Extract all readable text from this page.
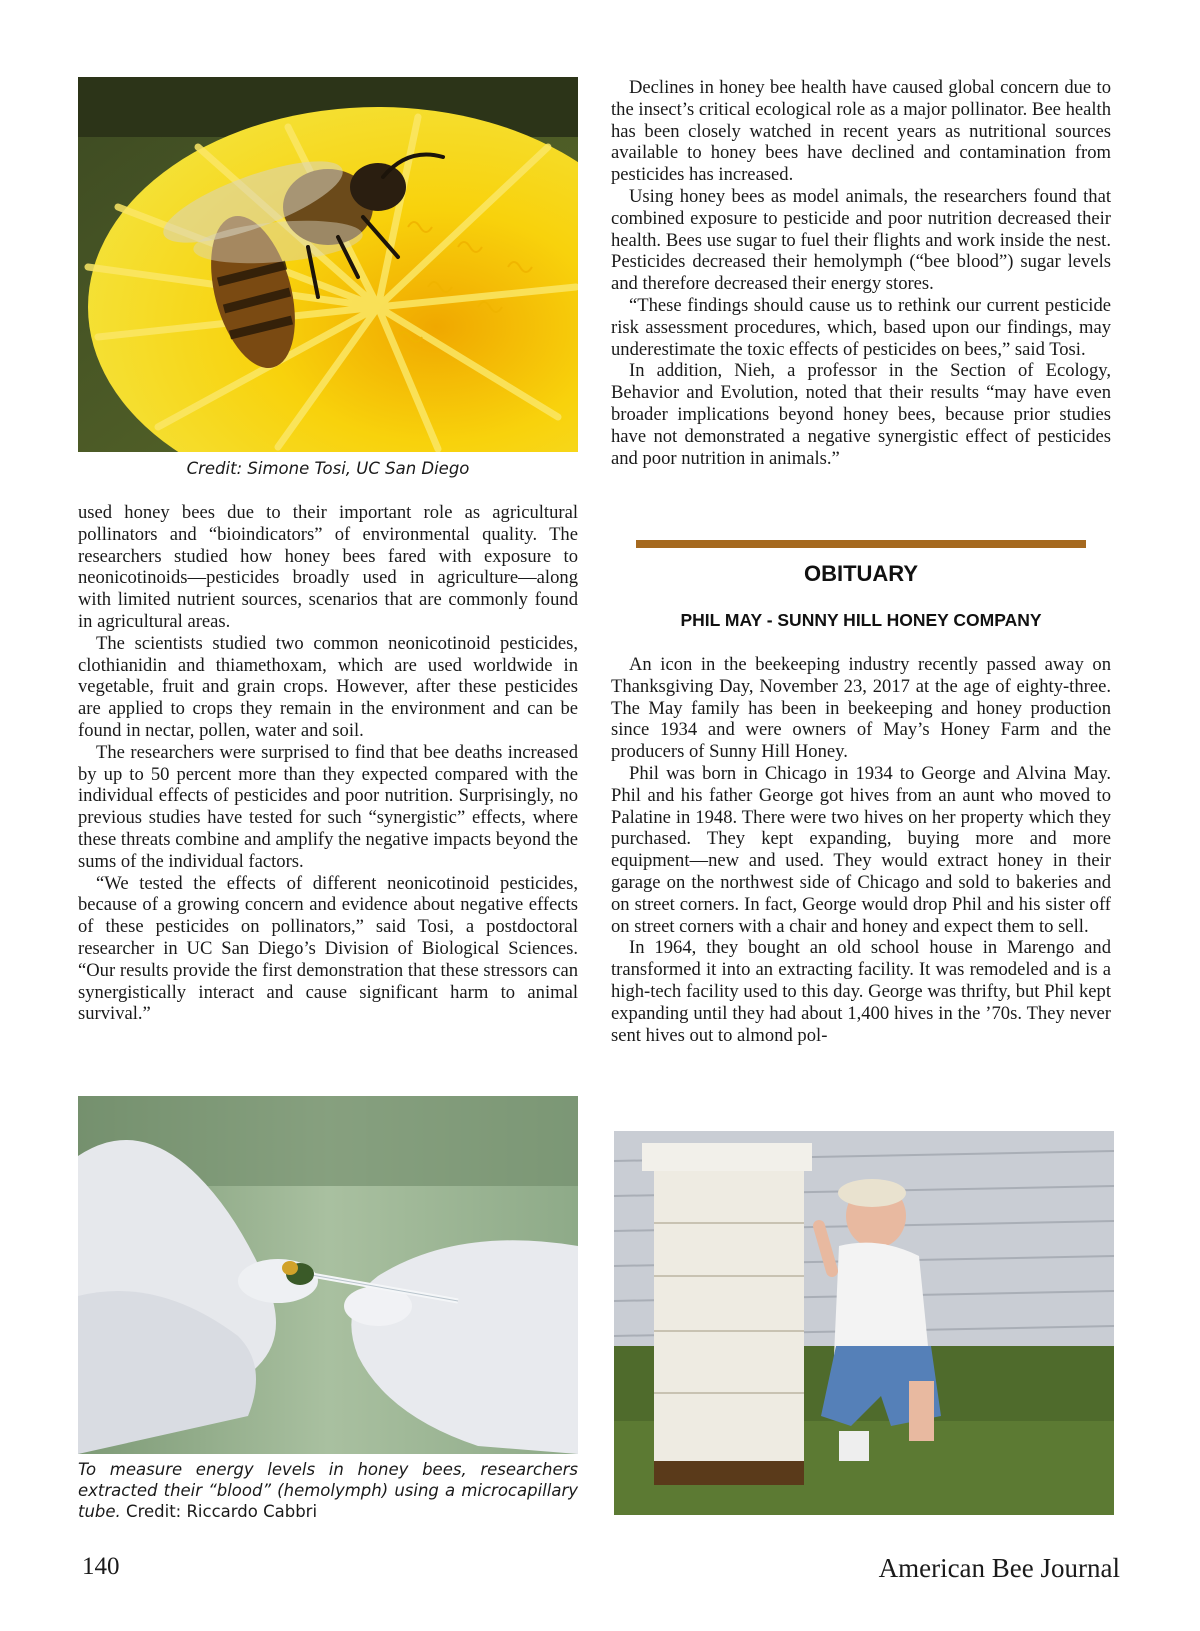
Credit: Simone Tosi, UC San Diego

used honey bees due to their important role as agricultural pollinators and “bioindicators” of environmental quality. The researchers studied how honey bees fared with exposure to neonicotinoids—pesticides broadly used in agriculture—along with limited nutrient sources, scenarios that are commonly found in agricultural areas.

The scientists studied two common neonicotinoid pesticides, clothianidin and thiamethoxam, which are used worldwide in vegetable, fruit and grain crops. However, after these pesticides are applied to crops they remain in the environment and can be found in nectar, pollen, water and soil.

The researchers were surprised to find that bee deaths increased by up to 50 percent more than they expected compared with the individual effects of pesticides and poor nutrition. Surprisingly, no previous studies have tested for such “synergistic” effects, where these threats combine and amplify the negative impacts beyond the sums of the individual factors.

“We tested the effects of different neonicotinoid pesticides, because of a growing concern and evidence about negative effects of these pesticides on pollinators,” said Tosi, a postdoctoral researcher in UC San Diego’s Division of Biological Sciences. “Our results provide the first demonstration that these stressors can synergistically interact and cause significant harm to animal survival.”

To measure energy levels in honey bees, researchers extracted their “blood” (hemolymph) using a microcapillary tube. Credit: Riccardo Cabbri

Declines in honey bee health have caused global concern due to the insect’s critical ecological role as a major pollinator. Bee health has been closely watched in recent years as nutritional sources available to honey bees have declined and contamination from pesticides has increased.

Using honey bees as model animals, the researchers found that combined exposure to pesticide and poor nutrition decreased their health. Bees use sugar to fuel their flights and work inside the nest. Pesticides decreased their hemolymph (“bee blood”) sugar levels and therefore decreased their energy stores.

“These findings should cause us to rethink our current pesticide risk assessment procedures, which, based upon our findings, may underestimate the toxic effects of pesticides on bees,” said Tosi.

In addition, Nieh, a professor in the Section of Ecology, Behavior and Evolution, noted that their results “may have even broader implications beyond honey bees, because prior studies have not demonstrated a negative synergistic effect of pesticides and poor nutrition in animals.”

OBITUARY
PHIL MAY - SUNNY HILL HONEY COMPANY

An icon in the beekeeping industry recently passed away on Thanksgiving Day, November 23, 2017 at the age of eighty-three. The May family has been in beekeeping and honey production since 1934 and were owners of May’s Honey Farm and the producers of Sunny Hill Honey.

Phil was born in Chicago in 1934 to George and Alvina May. Phil and his father George got hives from an aunt who moved to Palatine in 1948. There were two hives on her property which they purchased. They kept expanding, buying more and more equipment—new and used. They would extract honey in their garage on the northwest side of Chicago and sold to bakeries and on street corners. In fact, George would drop Phil and his sister off on street corners with a chair and honey and expect them to sell.

In 1964, they bought an old school house in Marengo and transformed it into an extracting facility. It was remodeled and is a high-tech facility used to this day. George was thrifty, but Phil kept expanding until they had about 1,400 hives in the ’70s. They never sent hives out to almond pol-

140	American Bee Journal
